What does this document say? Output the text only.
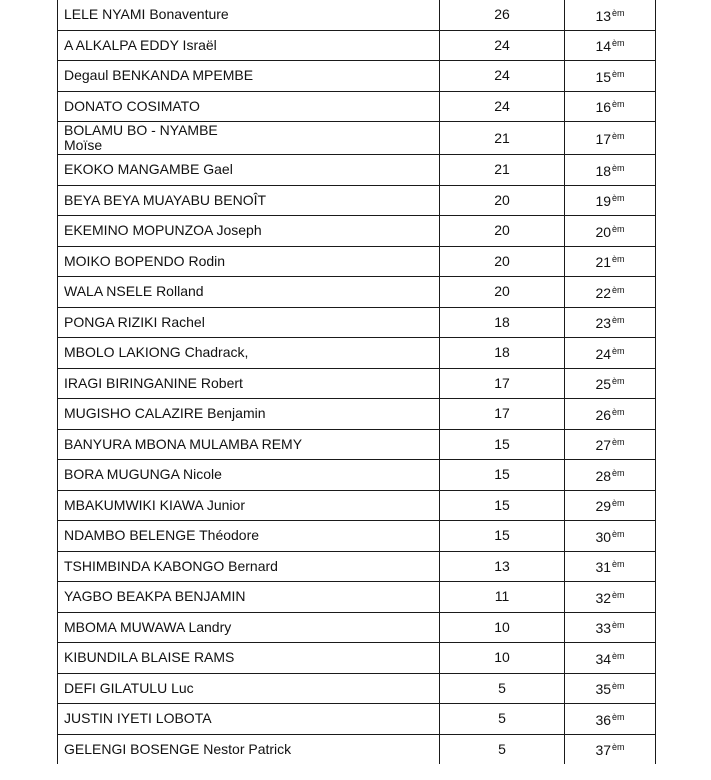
LELE NYAMI Bonaventure	26	$13^{èm}$
A ALKALPA EDDY Israël	24	$14^{èm}$
Degaul BENKANDA MPEMBE	24	$15^{èm}$
DONATO COSIMATO	24	$16^{èm}$

BOLAMU BO - NYAMBE Moïse	21	$17^{èm}$
EKOKO MANGAMBE Gael	21	$18^{èm}$
BEYA BEYA MUAYABU BENOÎT	20	$19^{èm}$
EKEMINO MOPUNZOA Joseph	20	$20^{èm}$
MOIKO BOPENDO Rodin	20	$21^{èm}$
WALA NSELE Rolland	20	$22^{èm}$
PONGA RIZIKI Rachel	18	$23^{èm}$
MBOLO LAKIONG Chadrack,	18	$24^{èm}$
IRAGI BIRINGANINE Robert	17	$25^{èm}$
MUGISHO CALAZIRE Benjamin	17	$26^{èm}$
BANYURA MBONA MULAMBA REMY	15	$27^{èm}$
BORA MUGUNGA Nicole	15	$28^{èm}$
MBAKUMWIKI KIAWA Junior	15	$29^{èm}$
NDAMBO BELENGE Théodore	15	$30^{èm}$
TSHIMBINDA KABONGO Bernard	13	$31^{èm}$
YAGBO BEAKPA BENJAMIN	11	$32^{èm}$
MBOMA MUWAWA Landry	10	$33^{èm}$
KIBUNDILA BLAISE RAMS	10	$34^{èm}$
DEFI GILATULU Luc	5	$35^{èm}$
JUSTIN IYETI LOBOTA	5	$36^{èm}$
GELENGI BOSENGE Nestor Patrick	5	$37^{èm}$
